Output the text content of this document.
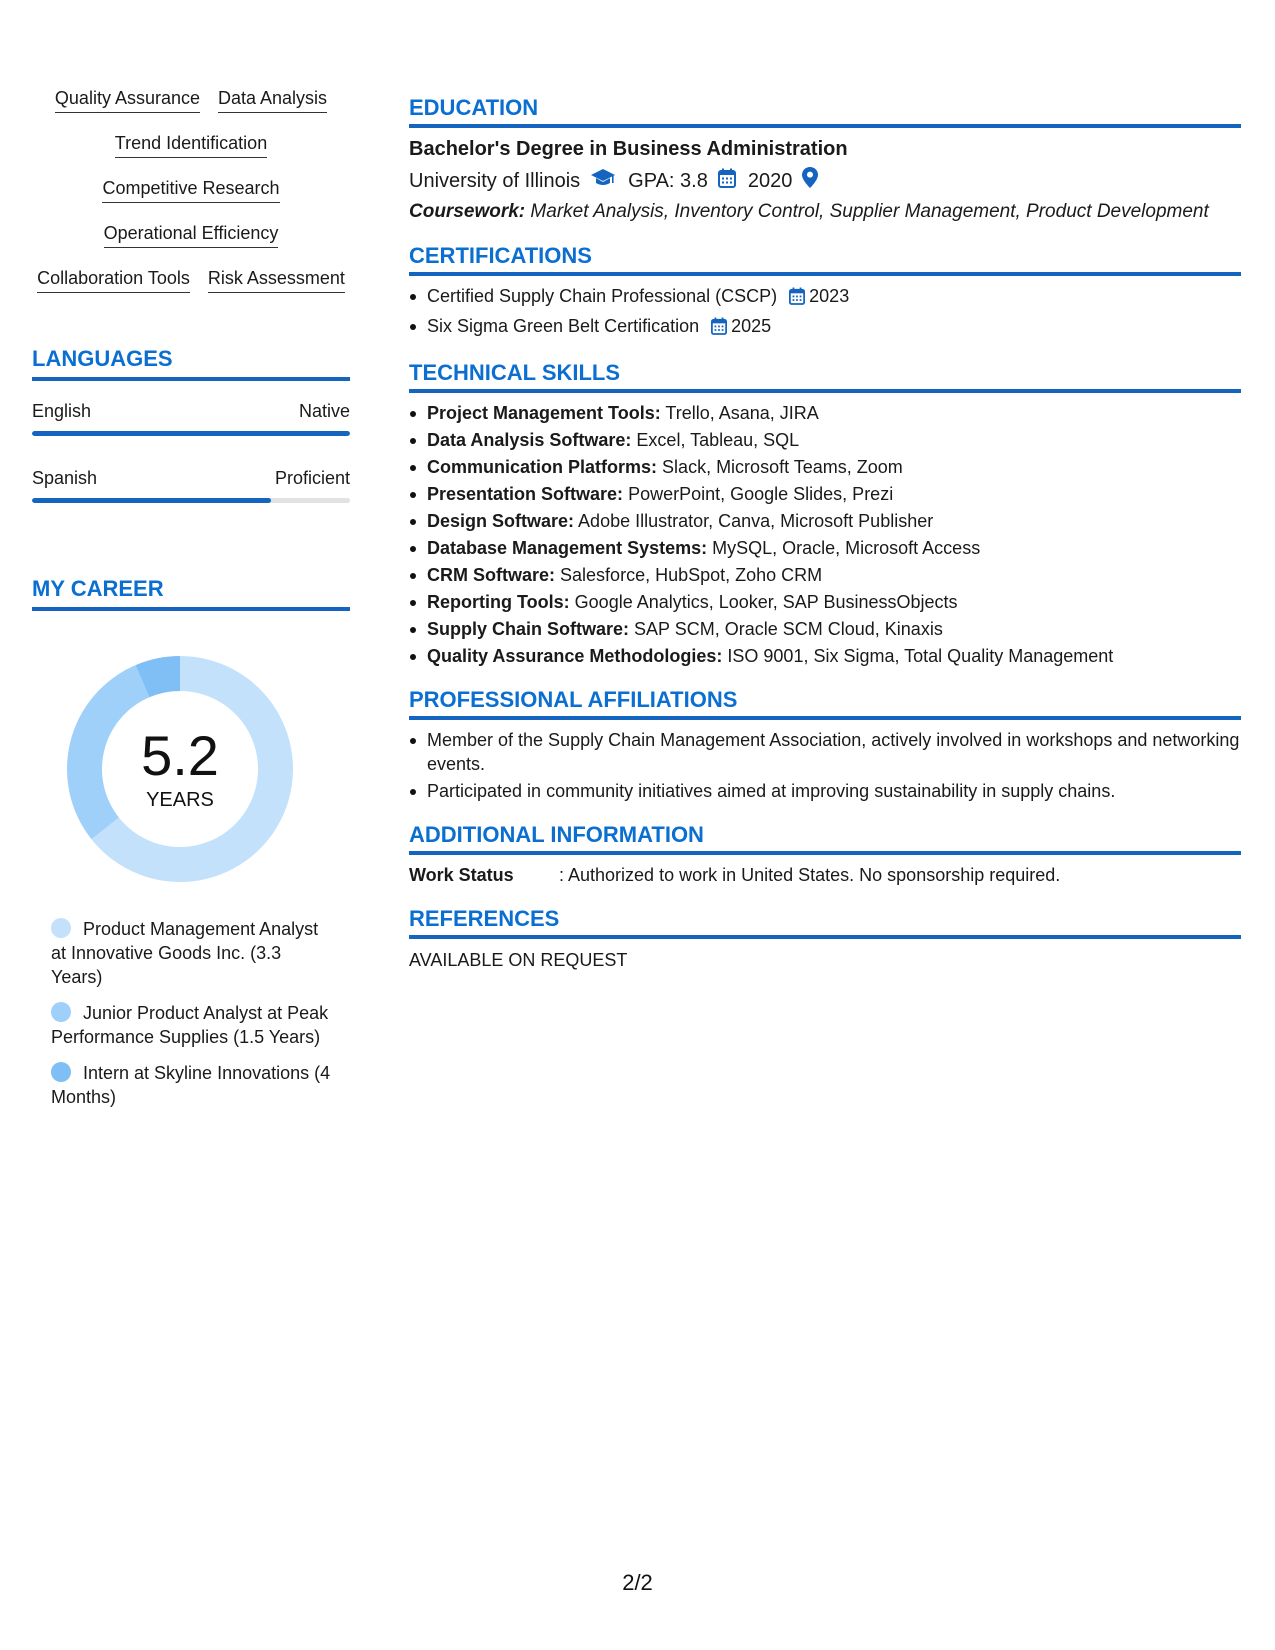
Quality Assurance Data Analysis
Trend Identification
Competitive Research
Operational Efficiency
Collaboration Tools Risk Assessment
LANGUAGES
English	Native
Spanish	Proficient
MY CAREER
5.2
YEARS
Product Management Analyst at Innovative Goods Inc. (3.3 Years)
Junior Product Analyst at Peak Performance Supplies (1.5 Years)
Intern at Skyline Innovations (4 Months)
EDUCATION
Bachelor's Degree in Business Administration
University of Illinois GPA: 3.8 2020
Coursework: Market Analysis, Inventory Control, Supplier Management, Product Development
CERTIFICATIONS
Certified Supply Chain Professional (CSCP) 2023
Six Sigma Green Belt Certification 2025
TECHNICAL SKILLS
Project Management Tools: Trello, Asana, JIRA
Data Analysis Software: Excel, Tableau, SQL
Communication Platforms: Slack, Microsoft Teams, Zoom
Presentation Software: PowerPoint, Google Slides, Prezi
Design Software: Adobe Illustrator, Canva, Microsoft Publisher
Database Management Systems: MySQL, Oracle, Microsoft Access
CRM Software: Salesforce, HubSpot, Zoho CRM
Reporting Tools: Google Analytics, Looker, SAP BusinessObjects
Supply Chain Software: SAP SCM, Oracle SCM Cloud, Kinaxis
Quality Assurance Methodologies: ISO 9001, Six Sigma, Total Quality Management
PROFESSIONAL AFFILIATIONS
Member of the Supply Chain Management Association, actively involved in workshops and networking events.
Participated in community initiatives aimed at improving sustainability in supply chains.
ADDITIONAL INFORMATION
Work Status	: Authorized to work in United States. No sponsorship required.
REFERENCES
AVAILABLE ON REQUEST
2/2
